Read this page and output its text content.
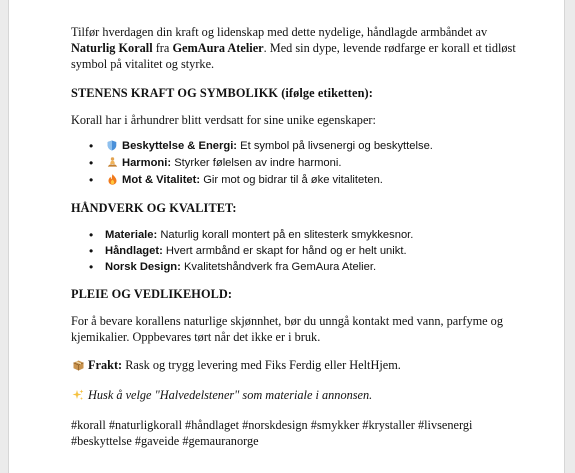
Tilfør hverdagen din kraft og lidenskap med dette nydelige, håndlagde armbåndet av Naturlig Korall fra GemAura Atelier. Med sin dype, levende rødfarge er korall et tidløst symbol på vitalitet og styrke.

STENENS KRAFT OG SYMBOLIKK (ifølge etiketten):

Korall har i århundrer blitt verdsatt for sine unike egenskaper:

• Beskyttelse & Energi: Et symbol på livsenergi og beskyttelse.
• Harmoni: Styrker følelsen av indre harmoni.
• Mot & Vitalitet: Gir mot og bidrar til å øke vitaliteten.

HÅNDVERK OG KVALITET:

• Materiale: Naturlig korall montert på en slitesterk smykkesnor.
• Håndlaget: Hvert armbånd er skapt for hånd og er helt unikt.
• Norsk Design: Kvalitetshåndverk fra GemAura Atelier.

PLEIE OG VEDLIKEHOLD:

For å bevare korallens naturlige skjønnhet, bør du unngå kontakt med vann, parfyme og kjemikalier. Oppbevares tørt når det ikke er i bruk.

Frakt: Rask og trygg levering med Fiks Ferdig eller HeltHjem.

Husk å velge "Halvedelstener" som materiale i annonsen.

#korall #naturligkorall #håndlaget #norskdesign #smykker #krystaller #livsenergi #beskyttelse #gaveide #gemauranorge
